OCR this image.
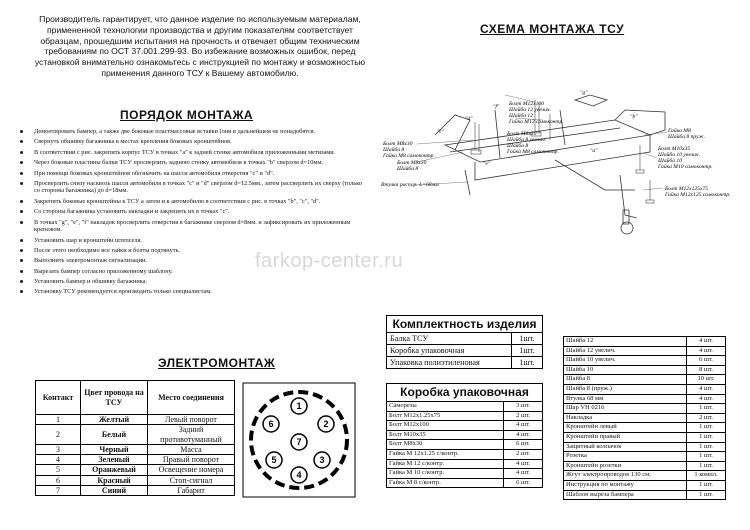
Производитель гарантирует, что данное изделие по используемым материалам, примененной технологии производства и другим показателям соответствует образцам, прошедшим испытания на прочность и отвечает общим техническим требованиям по ОСТ 37.001.299-93. Во избежание возможных ошибок, перед установкой внимательно ознакомьтесь с инструкцией по монтажу и возможностью применения данного ТСУ к Вашему автомобилю.
СХЕМА МОНТАЖА ТСУ
Болт М12х100
Шайба 12 увелич.
Шайба 12
Гайка М12 самоконтр.
Болт М8х30
Шайба 8 увелич.
Шайба 8
Гайка М8 самоконтр.
Болт М8х30
Шайба 8
Гайка М8 самоконтр.
Болт М8х30
Шайба 8
Гайка М8
Шайба 8 пруж.
Болт М10х35
Шайба 10 увелич.
Шайба 10
Гайка М10 самоконтр.
Болт М12х125х75
Гайка М12х125 самоконтр.
Втулка распор. L=68мм
"c"
"d"
"e"
"f"
"g"
"a"
"b"
ПОРЯДОК МОНТАЖА
Демонтировать бампер, а также две боковые пластмассовые вставки (они в дальнейшем не понадобятся.
Свернуть обшивку багажника в местах крепления боковых кронштейнов.
В соответствии с рис. закрепить корпус ТСУ в точках "а" к задней стенке автомобиля приложенными метизами.
Через боковые пластины балки ТСУ просверлить заднюю стенку автомобиля в точках "b" сверлом d=10мм.
При помощи боковых кронштейнов обозначить на шасси автомобиля отверстия "c" и "d".
Просверлить снизу насквозь шасси автомобиля в точках "c" и "d" сверлом d=12.5мм., затем рассверлить их сверху (только со стороны багажника) до d=18мм.
Закрепить боковые кронштейны к ТСУ а затем и к автомобилю в соответствии с рис. в точках "b", "c", "d".
Со стороны багажника установить накладки и закрепить их в точках "c".
В точках "g", "e", "f" накладок просверлить отверстия в багажнике сверлом d=8мм. и зафиксировать их приложенным крепежом.
Установить шар и кронштейн штепселя.
После этого необходимо все гайки и болты подтянуть.
Выполнить электромонтаж сигнализации.
Вырезать бампер согласно приложенному шаблону.
Установить бампер и обшивку багажника.
Установку ТСУ рекомендуется производить только специалистам.
farkop-center.ru
ЭЛЕКТРОМОНТАЖ
Контакт	Цвет провода на ТСУ	Место соединения
1	Желтый	Левый поворот
2	Белый	Задний противотуманный
3	Черный	Масса
4	Зеленый	Правый поворот
5	Оранжевый	Освещение номера
6	Красный	Стоп-сигнал
7	Синий	Габарит
1
2
3
4
5
6
7
Комплектность изделия	
Балка ТСУ	1шт.
Коробка упаковочная	1шт.
Упаковка полиэтиленовая	1шт.
Коробка упаковочная	
Саморезы	3 шт.
Болт М12х1.25х75	2 шт.
Болт М12х100	4 шт.
Болт М10х35	4 шт.
Болт М8х30	6 шт.
Гайка М 12х1.25 с/контр.	2 шт.
Гайка М 12 с/контр.	4 шт.
Гайка М 10 с/контр.	4 шт.
Гайка М 8 с/контр.	6 шт.
Шайба 12	4 шт.
Шайба 12 увелич.	4 шт.
Шайба 10 увелич.	6 шт.
Шайба 10	8 шт.
Шайба 8	10 шт.
Шайба 8 (пруж.)	4 шт.
Втулка 68 мм	4 шт.
Шар VH 0216	1 шт.
Накладка	2 шт.
Кронштейн левый	1 шт.
Кронштейн правый	1 шт.
Защитный колпачок	1 шт.
Розетка	1 шт.
Кронштейн розетки	1 шт.
Жгут электропроводов 130 см.	1 компл.
Инструкция по монтажу	1 шт.
Шаблон выреза бампера	1 шт.
